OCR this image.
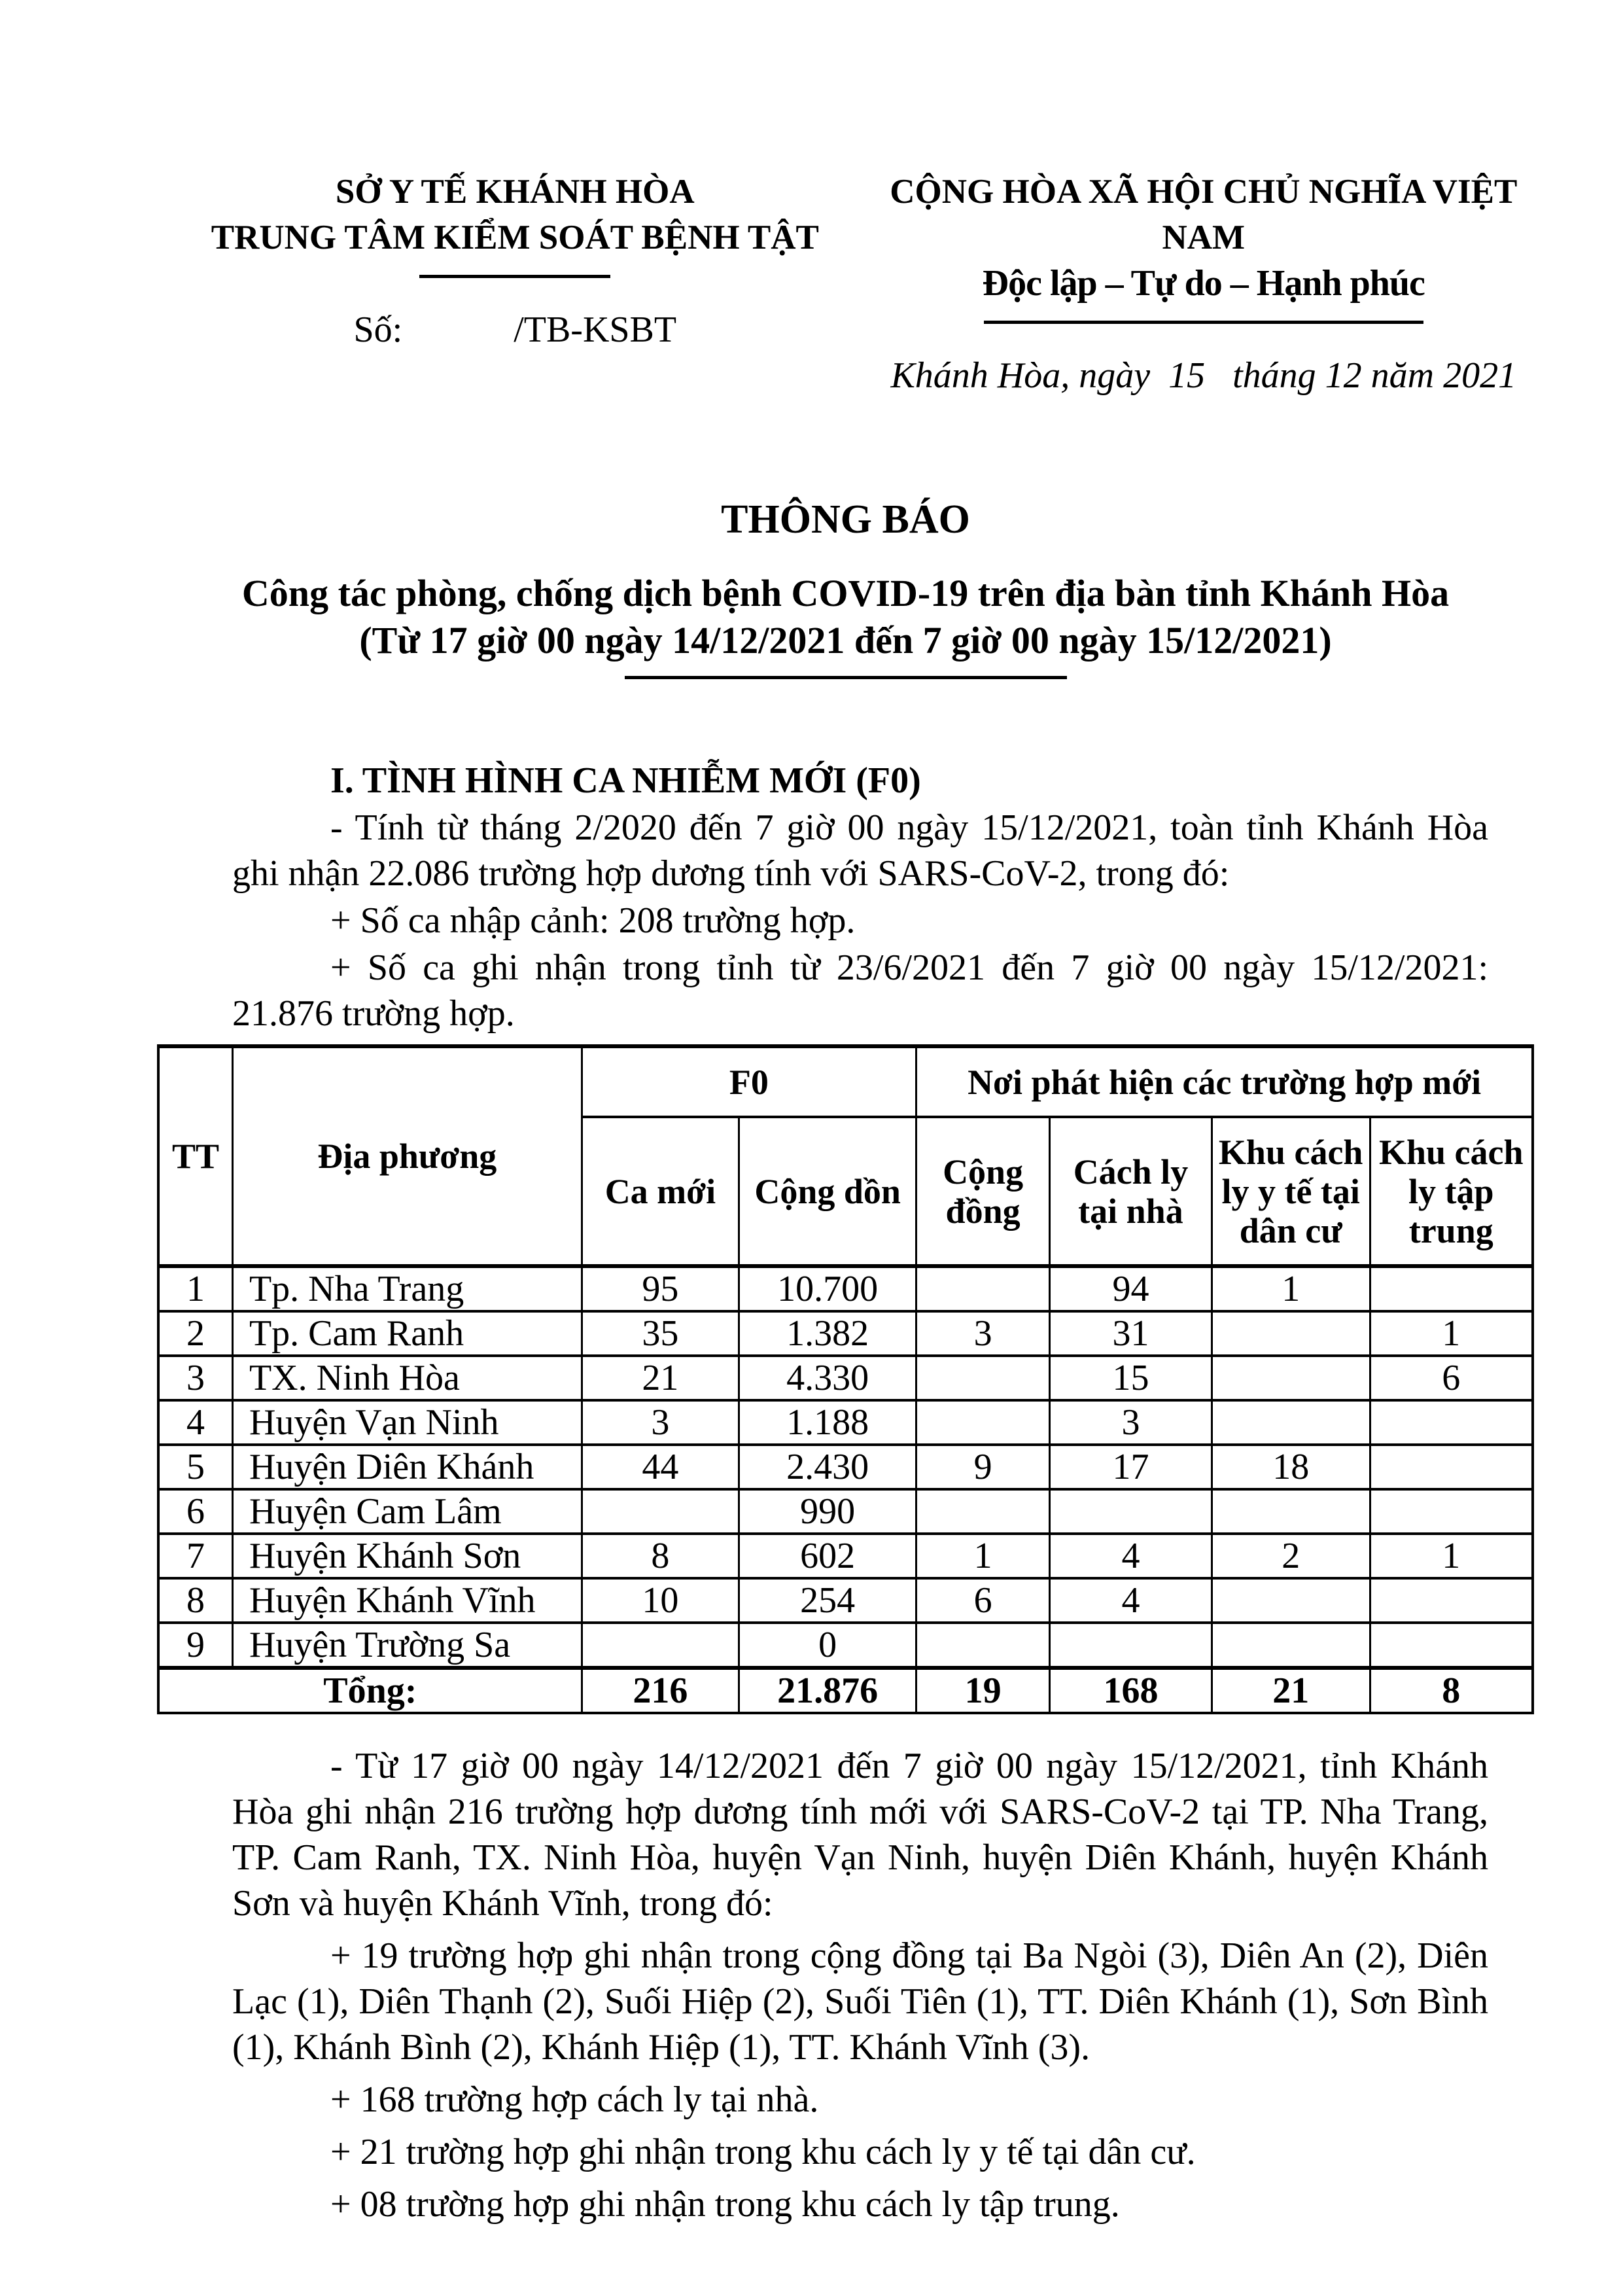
SỞ Y TẾ KHÁNH HÒA
TRUNG TÂM KIỂM SOÁT BỆNH TẬT
Số:	/TB-KSBT
CỘNG HÒA XÃ HỘI CHỦ NGHĨA VIỆT NAM
Độc lập – Tự do – Hạnh phúc
Khánh Hòa, ngày  15   tháng 12 năm 2021
THÔNG BÁO
Công tác phòng, chống dịch bệnh COVID-19 trên địa bàn tỉnh Khánh Hòa
(Từ 17 giờ 00 ngày 14/12/2021 đến 7 giờ 00 ngày 15/12/2021)
I. TÌNH HÌNH CA NHIỄM MỚI (F0)

- Tính từ tháng 2/2020 đến 7 giờ 00 ngày 15/12/2021, toàn tỉnh Khánh Hòa ghi nhận 22.086 trường hợp dương tính với SARS-CoV-2, trong đó:

+ Số ca nhập cảnh: 208 trường hợp.

+ Số ca ghi nhận trong tỉnh từ 23/6/2021 đến 7 giờ 00 ngày 15/12/2021: 21.876 trường hợp.

TT	Địa phương	F0		Nơi phát hiện các trường hợp mới			
		Ca mới	Cộng dồn	Cộng đồng	Cách ly tại nhà	Khu cách ly y tế tại dân cư	Khu cách ly tập trung
1	Tp. Nha Trang	95	10.700		94	1	
2	Tp. Cam Ranh	35	1.382	3	31		1
3	TX. Ninh Hòa	21	4.330		15		6
4	Huyện Vạn Ninh	3	1.188		3		
5	Huyện Diên Khánh	44	2.430	9	17	18	
6	Huyện Cam Lâm		990				
7	Huyện Khánh Sơn	8	602	1	4	2	1
8	Huyện Khánh Vĩnh	10	254	6	4		
9	Huyện Trường Sa		0				
Tổng:		216	21.876	19	168	21	8

- Từ 17 giờ 00 ngày 14/12/2021 đến 7 giờ 00 ngày 15/12/2021, tỉnh Khánh Hòa ghi nhận 216 trường hợp dương tính mới với SARS-CoV-2 tại TP. Nha Trang, TP. Cam Ranh, TX. Ninh Hòa, huyện Vạn Ninh, huyện Diên Khánh, huyện Khánh Sơn và huyện Khánh Vĩnh, trong đó:

+ 19 trường hợp ghi nhận trong cộng đồng tại Ba Ngòi (3), Diên An (2), Diên Lạc (1), Diên Thạnh (2), Suối Hiệp (2), Suối Tiên (1), TT. Diên Khánh (1), Sơn Bình (1), Khánh Bình (2), Khánh Hiệp (1), TT. Khánh Vĩnh (3).

+ 168 trường hợp cách ly tại nhà.

+ 21 trường hợp ghi nhận trong khu cách ly y tế tại dân cư.

+ 08 trường hợp ghi nhận trong khu cách ly tập trung.
